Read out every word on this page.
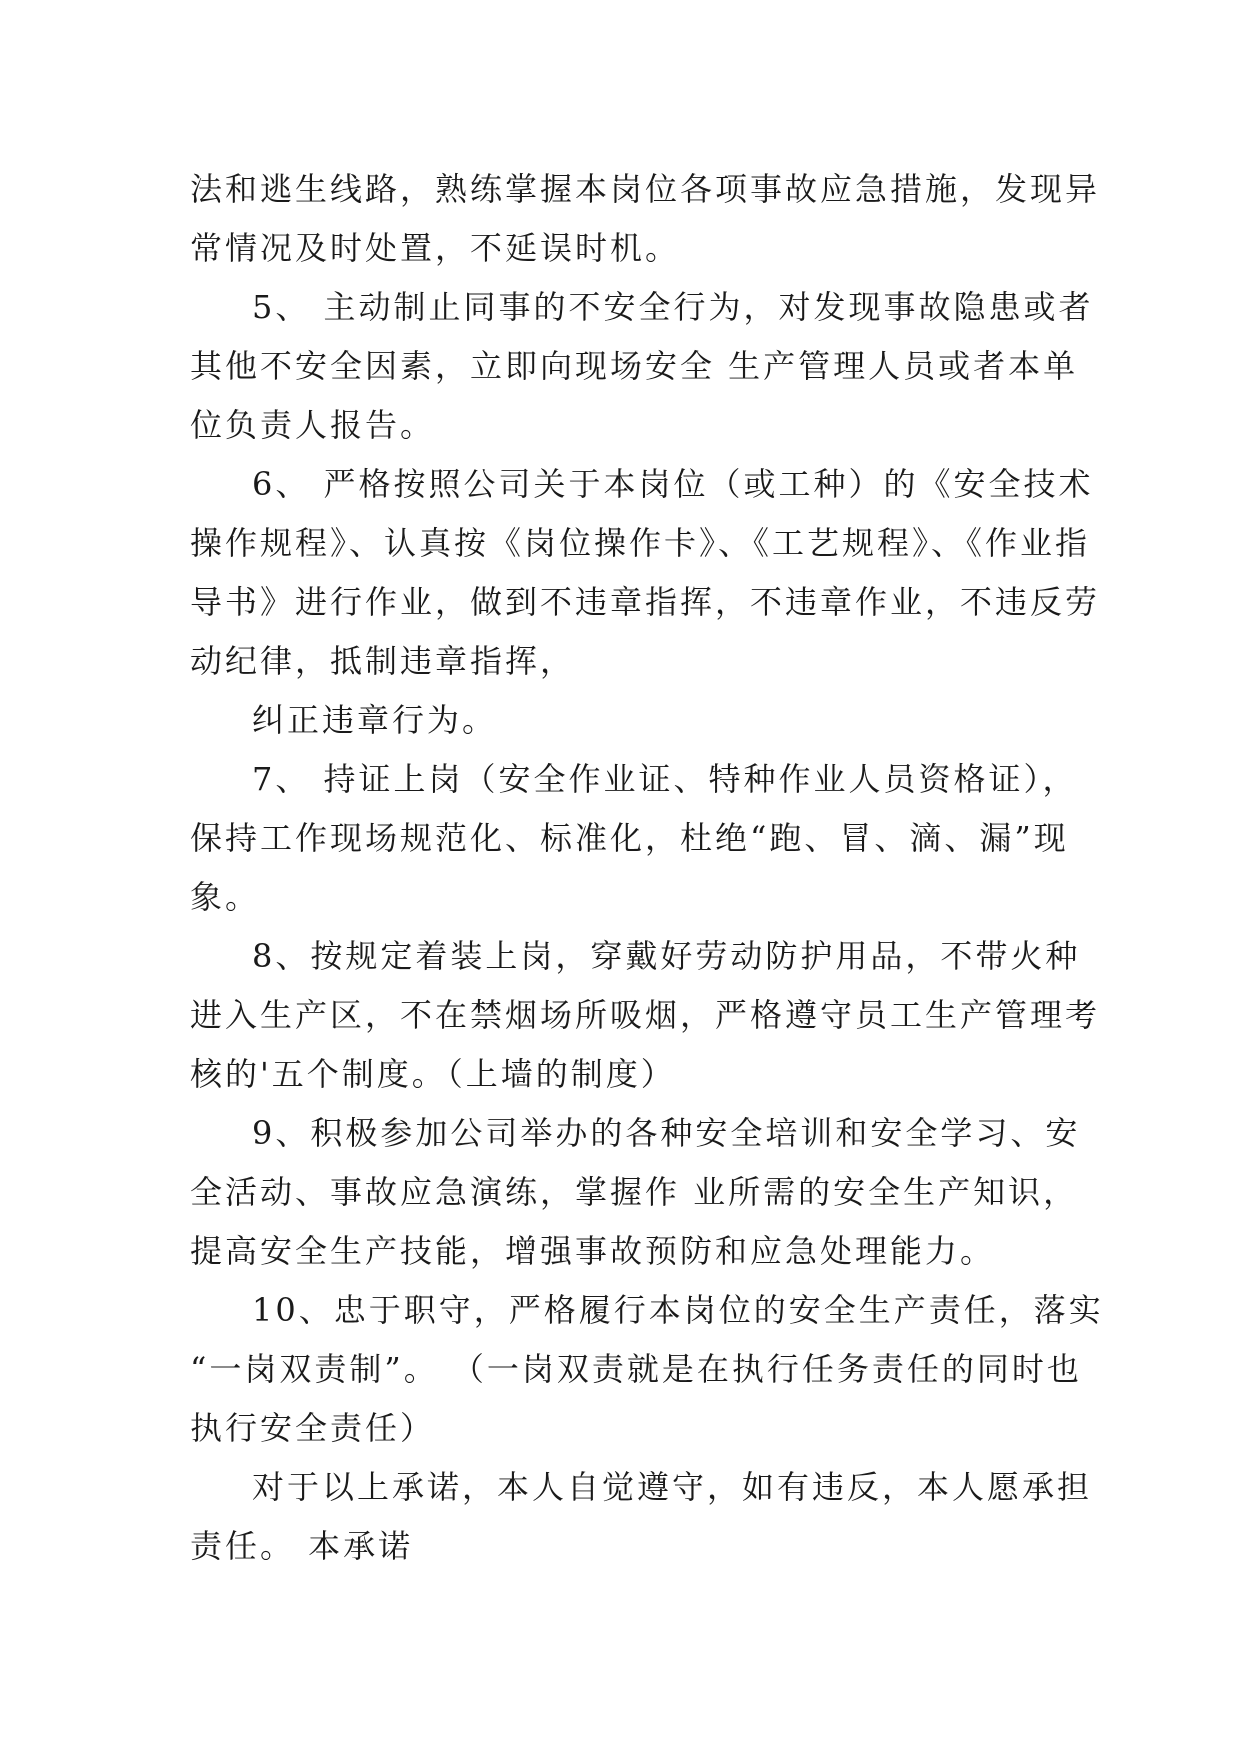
法和逃生线路，熟练掌握本岗位各项事故应急措施，发现异
常情况及时处置，不延误时机。
5、 主动制止同事的不安全行为，对发现事故隐患或者
其他不安全因素，立即向现场安全 生产管理人员或者本单
位负责人报告。
6、 严格按照公司关于本岗位（或工种）的《安全技术
操作规程》、认真按《岗位操作卡》、《工艺规程》、《作业指
导书》进行作业，做到不违章指挥，不违章作业，不违反劳
动纪律，抵制违章指挥，
纠正违章行为。
7、 持证上岗（安全作业证、特种作业人员资格证），
保持工作现场规范化、标准化，杜绝“跑、冒、滴、漏”现
象。
8、按规定着装上岗，穿戴好劳动防护用品，不带火种
进入生产区，不在禁烟场所吸烟，严格遵守员工生产管理考
核的'五个制度。（上墙的制度）
9、积极参加公司举办的各种安全培训和安全学习、安
全活动、事故应急演练，掌握作 业所需的安全生产知识，
提高安全生产技能，增强事故预防和应急处理能力。
10、忠于职守，严格履行本岗位的安全生产责任，落实
“一岗双责制”。 （一岗双责就是在执行任务责任的同时也
执行安全责任）
对于以上承诺，本人自觉遵守，如有违反，本人愿承担
责任。 本承诺
